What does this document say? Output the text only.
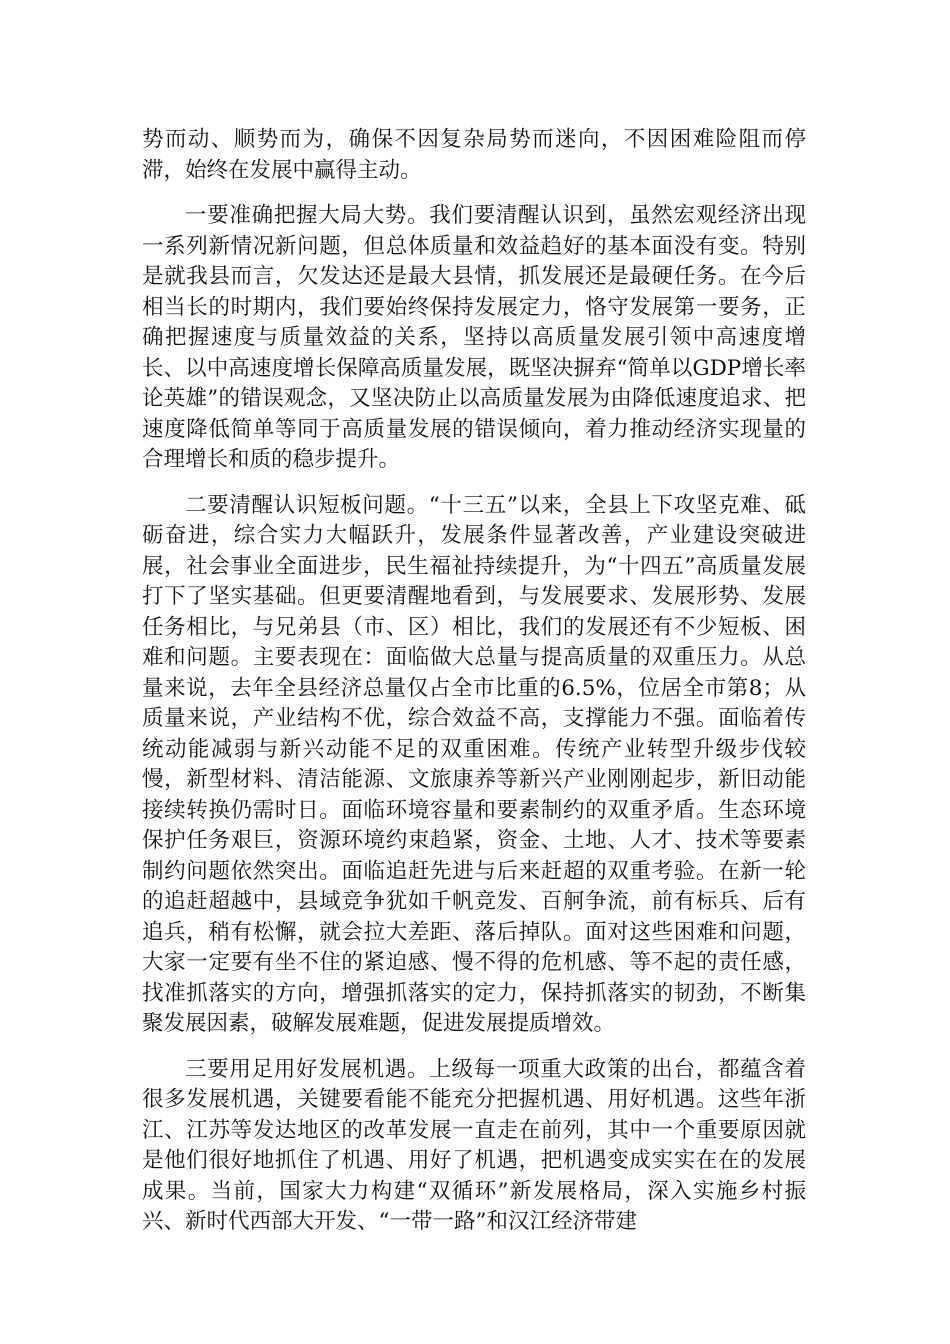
势而动、顺势而为，确保不因复杂局势而迷向，不因困难险阻而停滞，始终在发展中赢得主动。

一要准确把握大局大势。我们要清醒认识到，虽然宏观经济出现一系列新情况新问题，但总体质量和效益趋好的基本面没有变。特别是就我县而言，欠发达还是最大县情，抓发展还是最硬任务。在今后相当长的时期内，我们要始终保持发展定力，恪守发展第一要务，正确把握速度与质量效益的关系，坚持以高质量发展引领中高速度增长、以中高速度增长保障高质量发展，既坚决摒弃“简单以GDP增长率论英雄”的错误观念，又坚决防止以高质量发展为由降低速度追求、把速度降低简单等同于高质量发展的错误倾向，着力推动经济实现量的合理增长和质的稳步提升。

二要清醒认识短板问题。“十三五”以来，全县上下攻坚克难、砥砺奋进，综合实力大幅跃升，发展条件显著改善，产业建设突破进展，社会事业全面进步，民生福祉持续提升，为“十四五”高质量发展打下了坚实基础。但更要清醒地看到，与发展要求、发展形势、发展任务相比，与兄弟县（市、区）相比，我们的发展还有不少短板、困难和问题。主要表现在：面临做大总量与提高质量的双重压力。从总量来说，去年全县经济总量仅占全市比重的6.5%，位居全市第8；从质量来说，产业结构不优，综合效益不高，支撑能力不强。面临着传统动能减弱与新兴动能不足的双重困难。传统产业转型升级步伐较慢，新型材料、清洁能源、文旅康养等新兴产业刚刚起步，新旧动能接续转换仍需时日。面临环境容量和要素制约的双重矛盾。生态环境保护任务艰巨，资源环境约束趋紧，资金、土地、人才、技术等要素制约问题依然突出。面临追赶先进与后来赶超的双重考验。在新一轮的追赶超越中，县域竞争犹如千帆竞发、百舸争流，前有标兵、后有追兵，稍有松懈，就会拉大差距、落后掉队。面对这些困难和问题，大家一定要有坐不住的紧迫感、慢不得的危机感、等不起的责任感，找准抓落实的方向，增强抓落实的定力，保持抓落实的韧劲，不断集聚发展因素，破解发展难题，促进发展提质增效。

三要用足用好发展机遇。上级每一项重大政策的出台，都蕴含着很多发展机遇，关键要看能不能充分把握机遇、用好机遇。这些年浙江、江苏等发达地区的改革发展一直走在前列，其中一个重要原因就是他们很好地抓住了机遇、用好了机遇，把机遇变成实实在在的发展成果。当前，国家大力构建“双循环”新发展格局，深入实施乡村振兴、新时代西部大开发、“一带一路”和汉江经济带建
